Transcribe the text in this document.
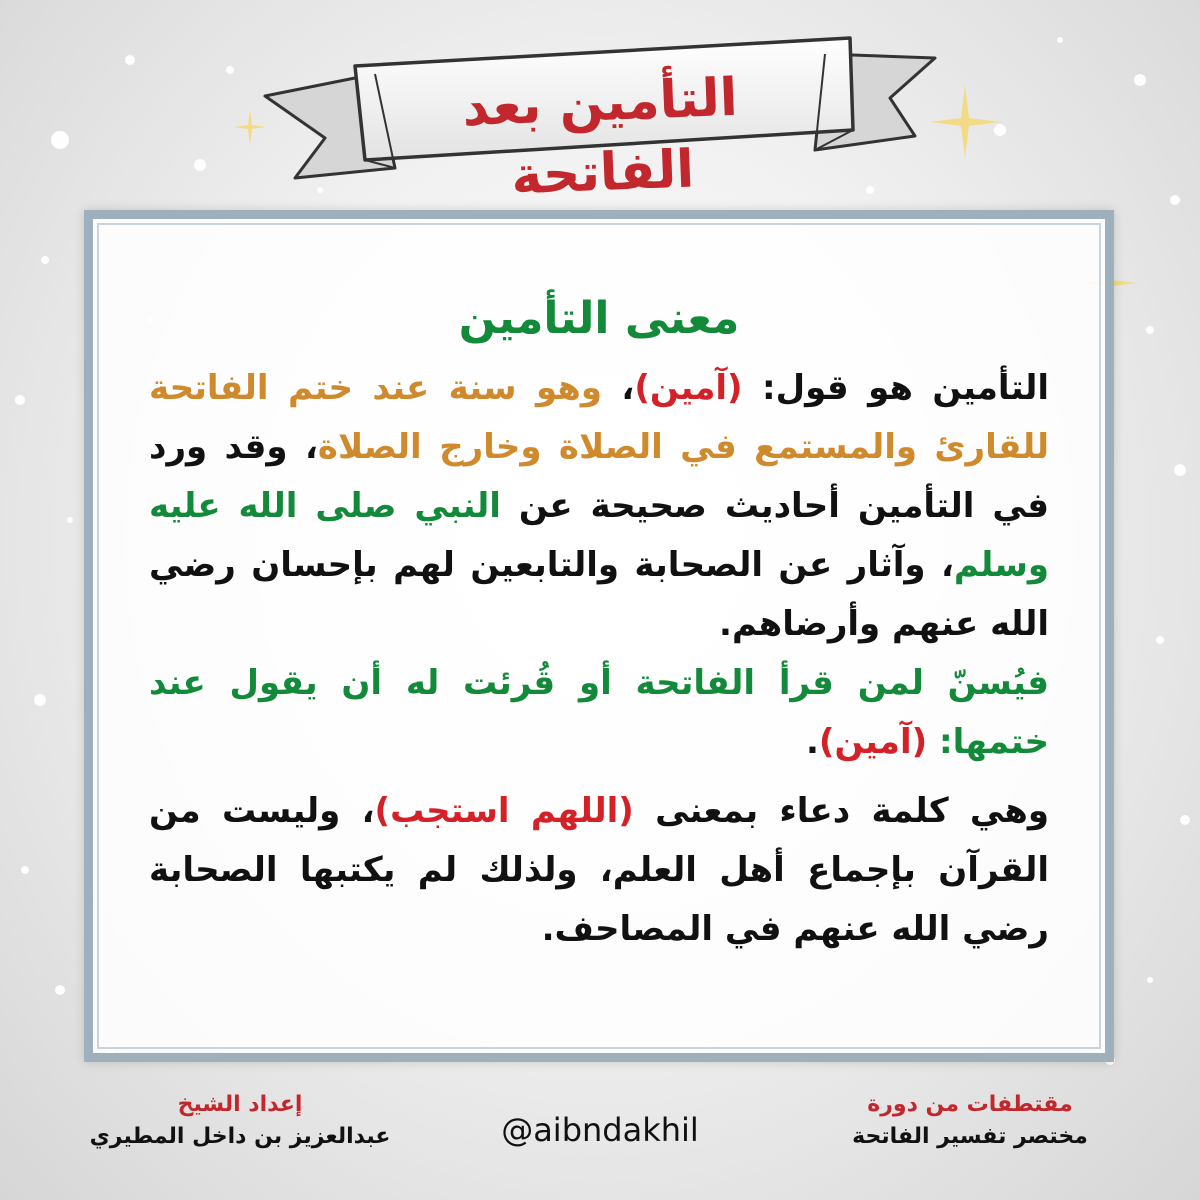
التأمين بعد الفاتحة
معنى التأمين

التأمين هو قول: (آمين)، وهو سنة عند ختم الفاتحة للقارئ والمستمع في الصلاة وخارج الصلاة، وقد ورد في التأمين أحاديث صحيحة عن النبي صلى الله عليه وسلم، وآثار عن الصحابة والتابعين لهم بإحسان رضي الله عنهم وأرضاهم.

فيُسنّ لمن قرأ الفاتحة أو قُرئت له أن يقول عند ختمها: (آمين).

وهي كلمة دعاء بمعنى (اللهم استجب)، وليست من القرآن بإجماع أهل العلم، ولذلك لم يكتبها الصحابة رضي الله عنهم في المصاحف.

مقتطفات من دورة
مختصر تفسير الفاتحة
@aibndakhil
إعداد الشيخ
عبدالعزيز بن داخل المطيري
